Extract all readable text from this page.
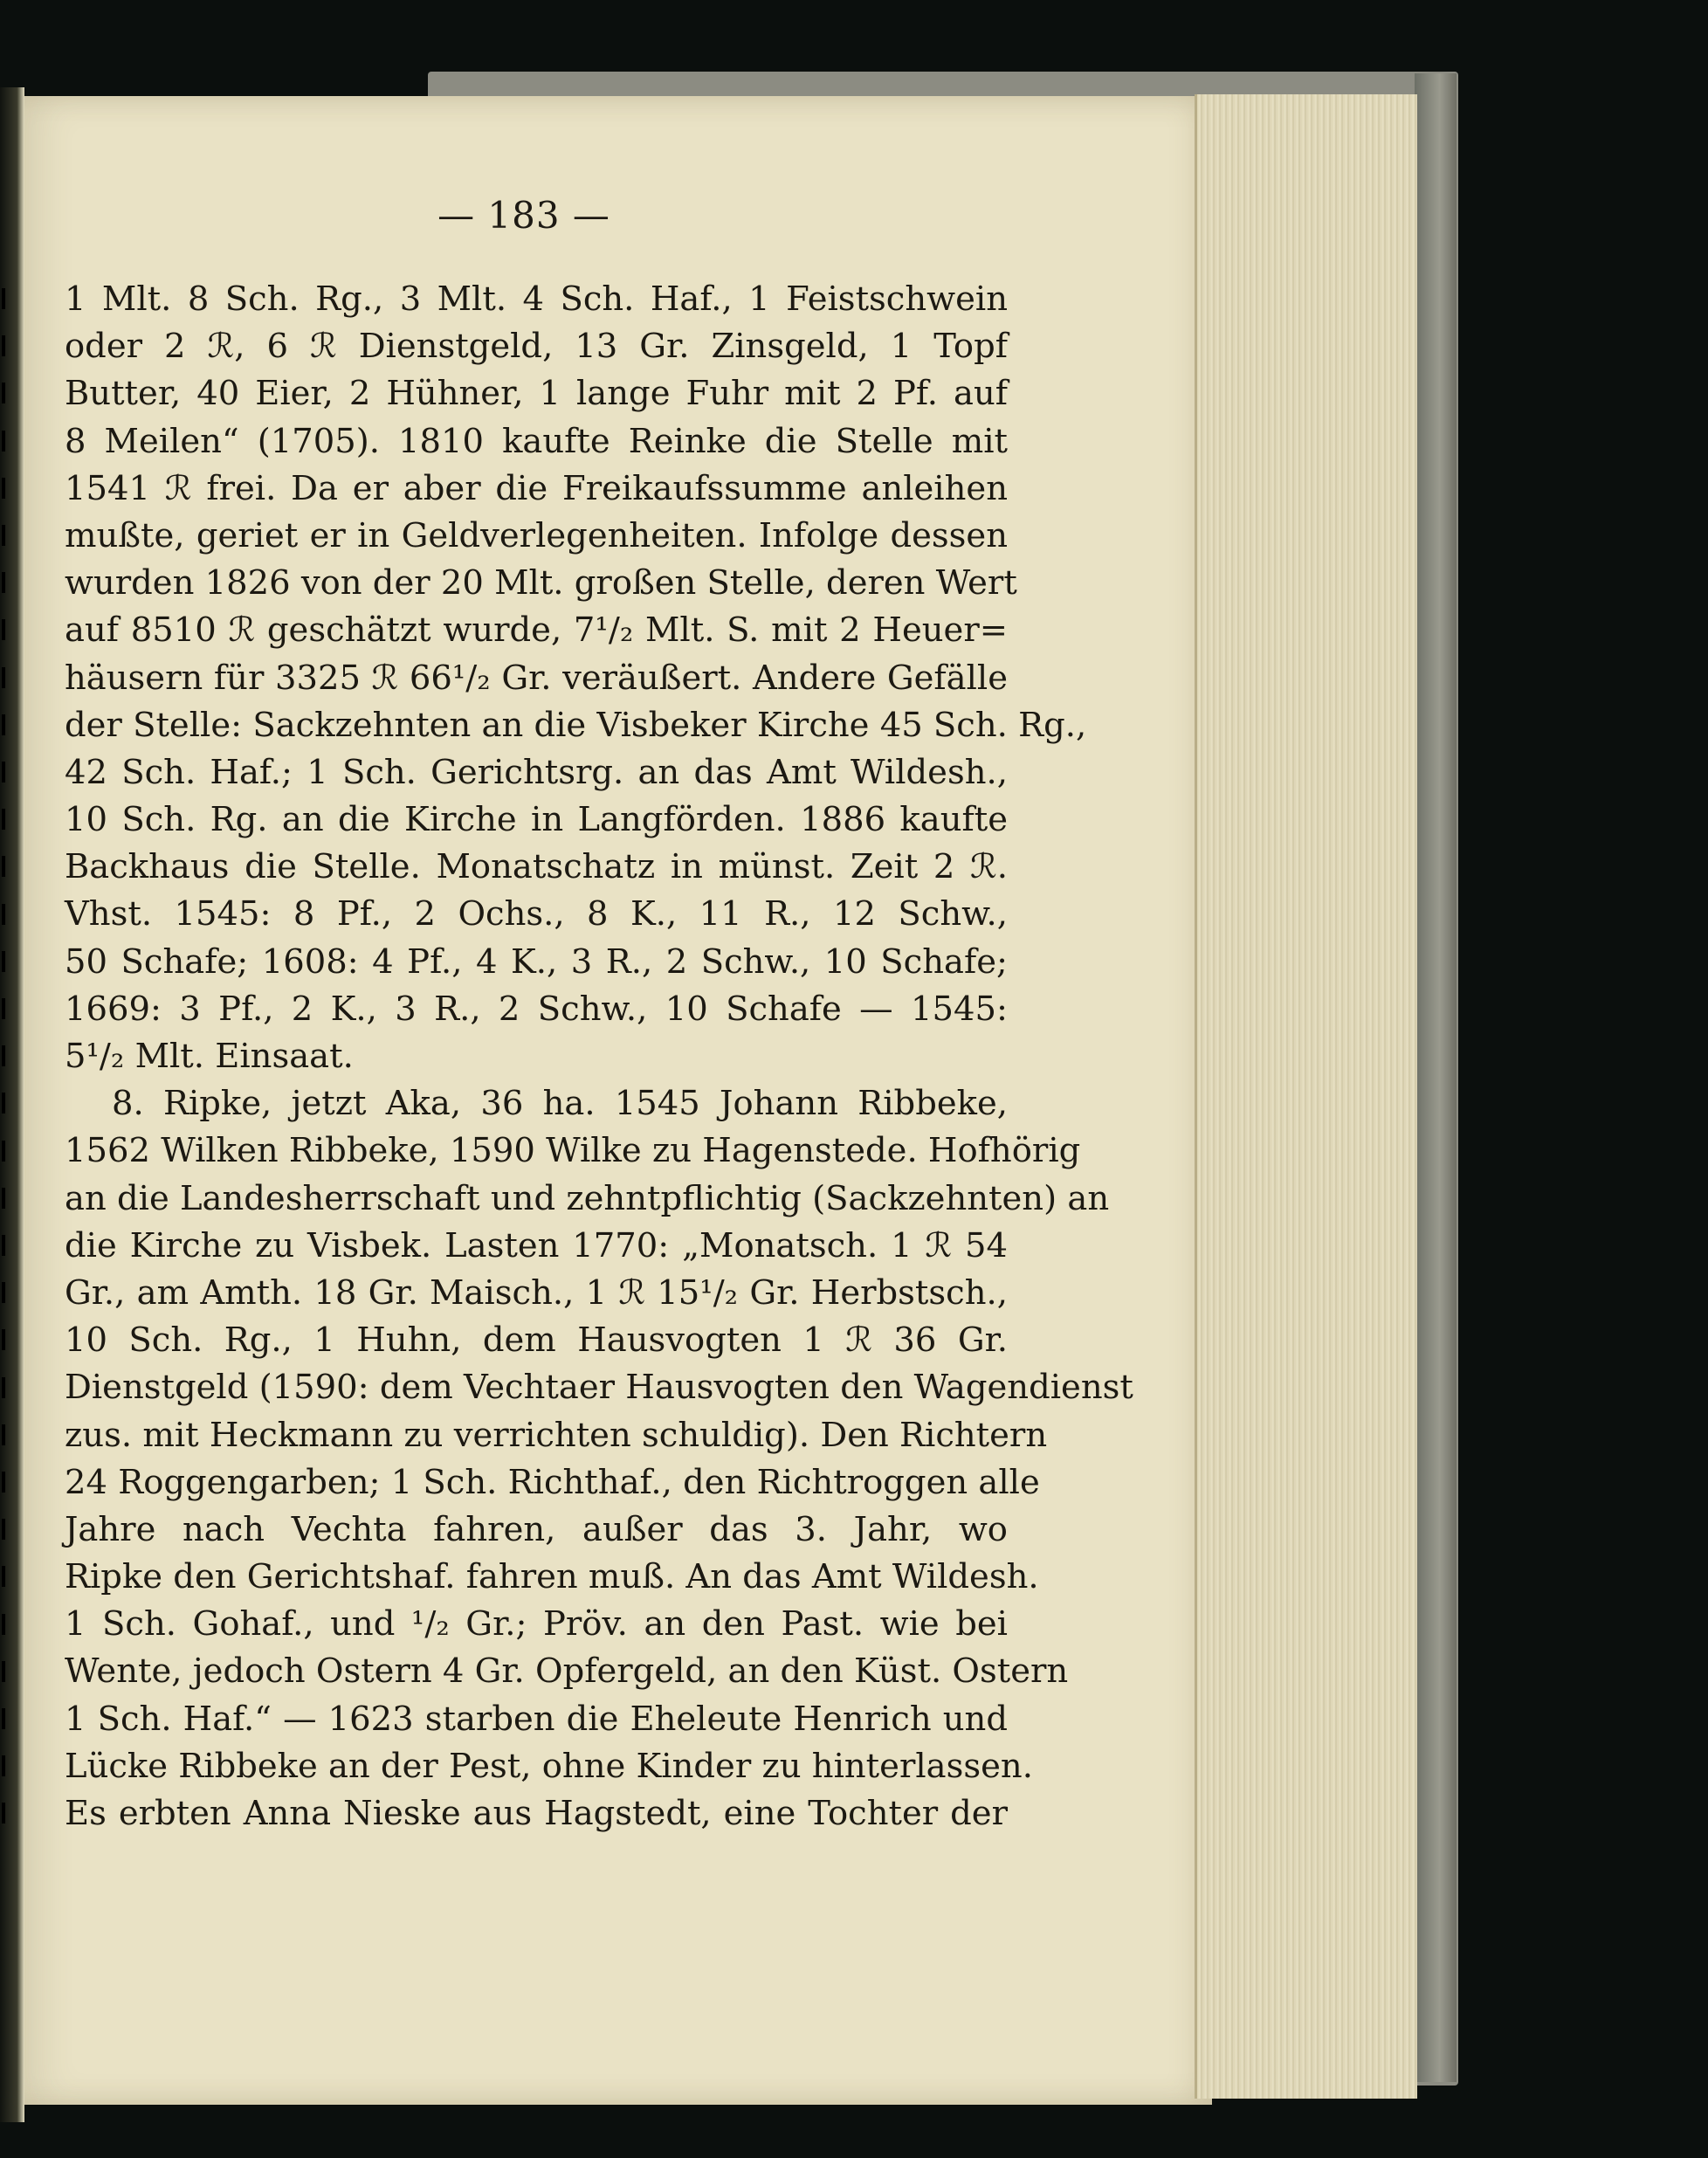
— 183 —
1 Mlt. 8 Sch. Rg., 3 Mlt. 4 Sch. Haf., 1 Feistschwein
oder 2 ℛ, 6 ℛ Dienstgeld, 13 Gr. Zinsgeld, 1 Topf
Butter, 40 Eier, 2 Hühner, 1 lange Fuhr mit 2 Pf. auf
8 Meilen“ (1705). 1810 kaufte Reinke die Stelle mit
1541 ℛ frei. Da er aber die Freikaufssumme anleihen
mußte, geriet er in Geldverlegenheiten. Infolge dessen
wurden 1826 von der 20 Mlt. großen Stelle, deren Wert
auf 8510 ℛ geschätzt wurde, 7¹/₂ Mlt. S. mit 2 Heuer=
häusern für 3325 ℛ 66¹/₂ Gr. veräußert. Andere Gefälle
der Stelle: Sackzehnten an die Visbeker Kirche 45 Sch. Rg.,
42 Sch. Haf.; 1 Sch. Gerichtsrg. an das Amt Wildesh.,
10 Sch. Rg. an die Kirche in Langförden. 1886 kaufte
Backhaus die Stelle. Monatschatz in münst. Zeit 2 ℛ.
Vhst. 1545: 8 Pf., 2 Ochs., 8 K., 11 R., 12 Schw.,
50 Schafe; 1608: 4 Pf., 4 K., 3 R., 2 Schw., 10 Schafe;
1669: 3 Pf., 2 K., 3 R., 2 Schw., 10 Schafe — 1545:
5¹/₂ Mlt. Einsaat.
8. Ripke, jetzt Aka, 36 ha. 1545 Johann Ribbeke,
1562 Wilken Ribbeke, 1590 Wilke zu Hagenstede. Hofhörig
an die Landesherrschaft und zehntpflichtig (Sackzehnten) an
die Kirche zu Visbek. Lasten 1770: „Monatsch. 1 ℛ 54
Gr., am Amth. 18 Gr. Maisch., 1 ℛ 15¹/₂ Gr. Herbstsch.,
10 Sch. Rg., 1 Huhn, dem Hausvogten 1 ℛ 36 Gr.
Dienstgeld (1590: dem Vechtaer Hausvogten den Wagendienst
zus. mit Heckmann zu verrichten schuldig). Den Richtern
24 Roggengarben; 1 Sch. Richthaf., den Richtroggen alle
Jahre nach Vechta fahren, außer das 3. Jahr, wo
Ripke den Gerichtshaf. fahren muß. An das Amt Wildesh.
1 Sch. Gohaf., und ¹/₂ Gr.; Pröv. an den Past. wie bei
Wente, jedoch Ostern 4 Gr. Opfergeld, an den Küst. Ostern
1 Sch. Haf.“ — 1623 starben die Eheleute Henrich und
Lücke Ribbeke an der Pest, ohne Kinder zu hinterlassen.
Es erbten Anna Nieske aus Hagstedt, eine Tochter der
